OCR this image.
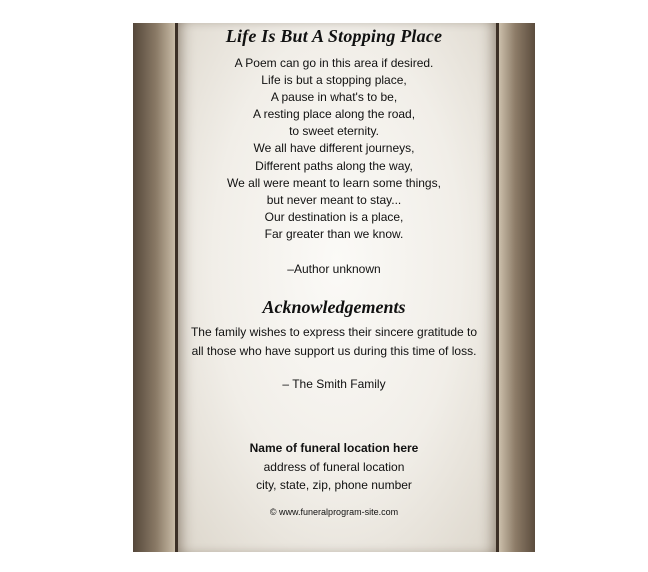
Life Is But A Stopping Place
A Poem can go in this area if desired.
Life is but a stopping place,
A pause in what's to be,
A resting place along the road,
to sweet eternity.
We all have different journeys,
Different paths along the way,
We all were meant to learn some things,
but never meant to stay...
Our destination is a place,
Far greater than we know.
–Author unknown
Acknowledgements
The family wishes to express their sincere gratitude to all those who have support us during this time of loss.
– The Smith Family
Name of funeral location here
address of funeral location
city, state, zip, phone number
© www.funeralprogram-site.com
